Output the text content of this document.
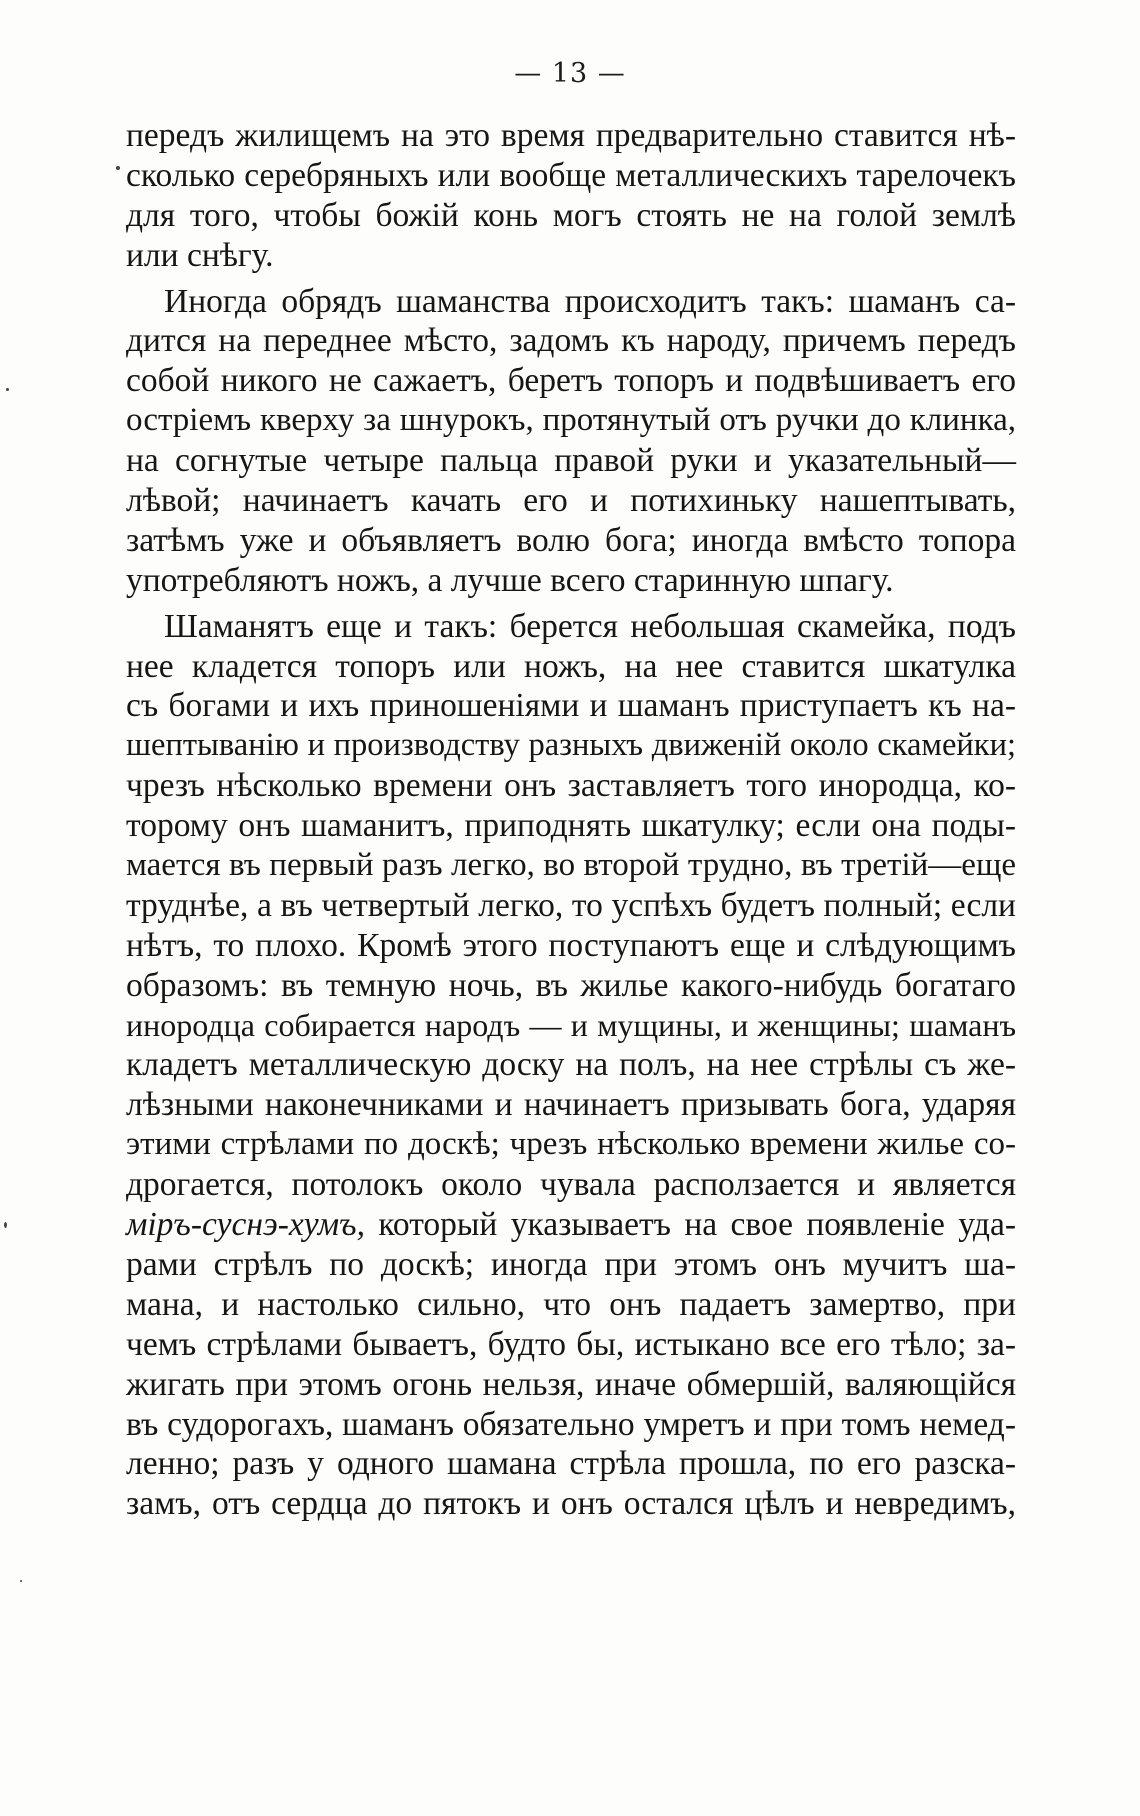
— 13 —
передъ жилищемъ на это время предварительно ставится нѣ-
сколько серебряныхъ или вообще металлическихъ тарелочекъ
для того, чтобы божій конь могъ стоять не на голой землѣ
или снѣгу.
Иногда обрядъ шаманства происходитъ такъ: шаманъ са-
дится на переднее мѣсто, задомъ къ народу, причемъ передъ
собой никого не сажаетъ, беретъ топоръ и подвѣшиваетъ его
остріемъ кверху за шнурокъ, протянутый отъ ручки до клинка,
на согнутые четыре пальца правой руки и указательный—
лѣвой; начинаетъ качать его и потихиньку нашептывать,
затѣмъ уже и объявляетъ волю бога; иногда вмѣсто топора
употребляютъ ножъ, а лучше всего старинную шпагу.
Шаманятъ еще и такъ: берется небольшая скамейка, подъ
нее кладется топоръ или ножъ, на нее ставится шкатулка
съ богами и ихъ приношеніями и шаманъ приступаетъ къ на-
шептыванію и производству разныхъ движеній около скамейки;
чрезъ нѣсколько времени онъ заставляетъ того инородца, ко-
торому онъ шаманитъ, приподнять шкатулку; если она поды-
мается въ первый разъ легко, во второй трудно, въ третій—еще
труднѣе, а въ четвертый легко, то успѣхъ будетъ полный; если
нѣтъ, то плохо. Кромѣ этого поступаютъ еще и слѣдующимъ
образомъ: въ темную ночь, въ жилье какого-нибудь богатаго
инородца собирается народъ — и мущины, и женщины; шаманъ
кладетъ металлическую доску на полъ, на нее стрѣлы съ же-
лѣзными наконечниками и начинаетъ призывать бога, ударяя
этими стрѣлами по доскѣ; чрезъ нѣсколько времени жилье со-
дрогается, потолокъ около чувала расползается и является
міръ-суснэ-хумъ, который указываетъ на свое появленіе уда-
рами стрѣлъ по доскѣ; иногда при этомъ онъ мучитъ ша-
мана, и настолько сильно, что онъ падаетъ замертво, при
чемъ стрѣлами бываетъ, будто бы, истыкано все его тѣло; за-
жигать при этомъ огонь нельзя, иначе обмершій, валяющійся
въ судорогахъ, шаманъ обязательно умретъ и при томъ немед-
ленно; разъ у одного шамана стрѣла прошла, по его разска-
замъ, отъ сердца до пятокъ и онъ остался цѣлъ и невредимъ,
